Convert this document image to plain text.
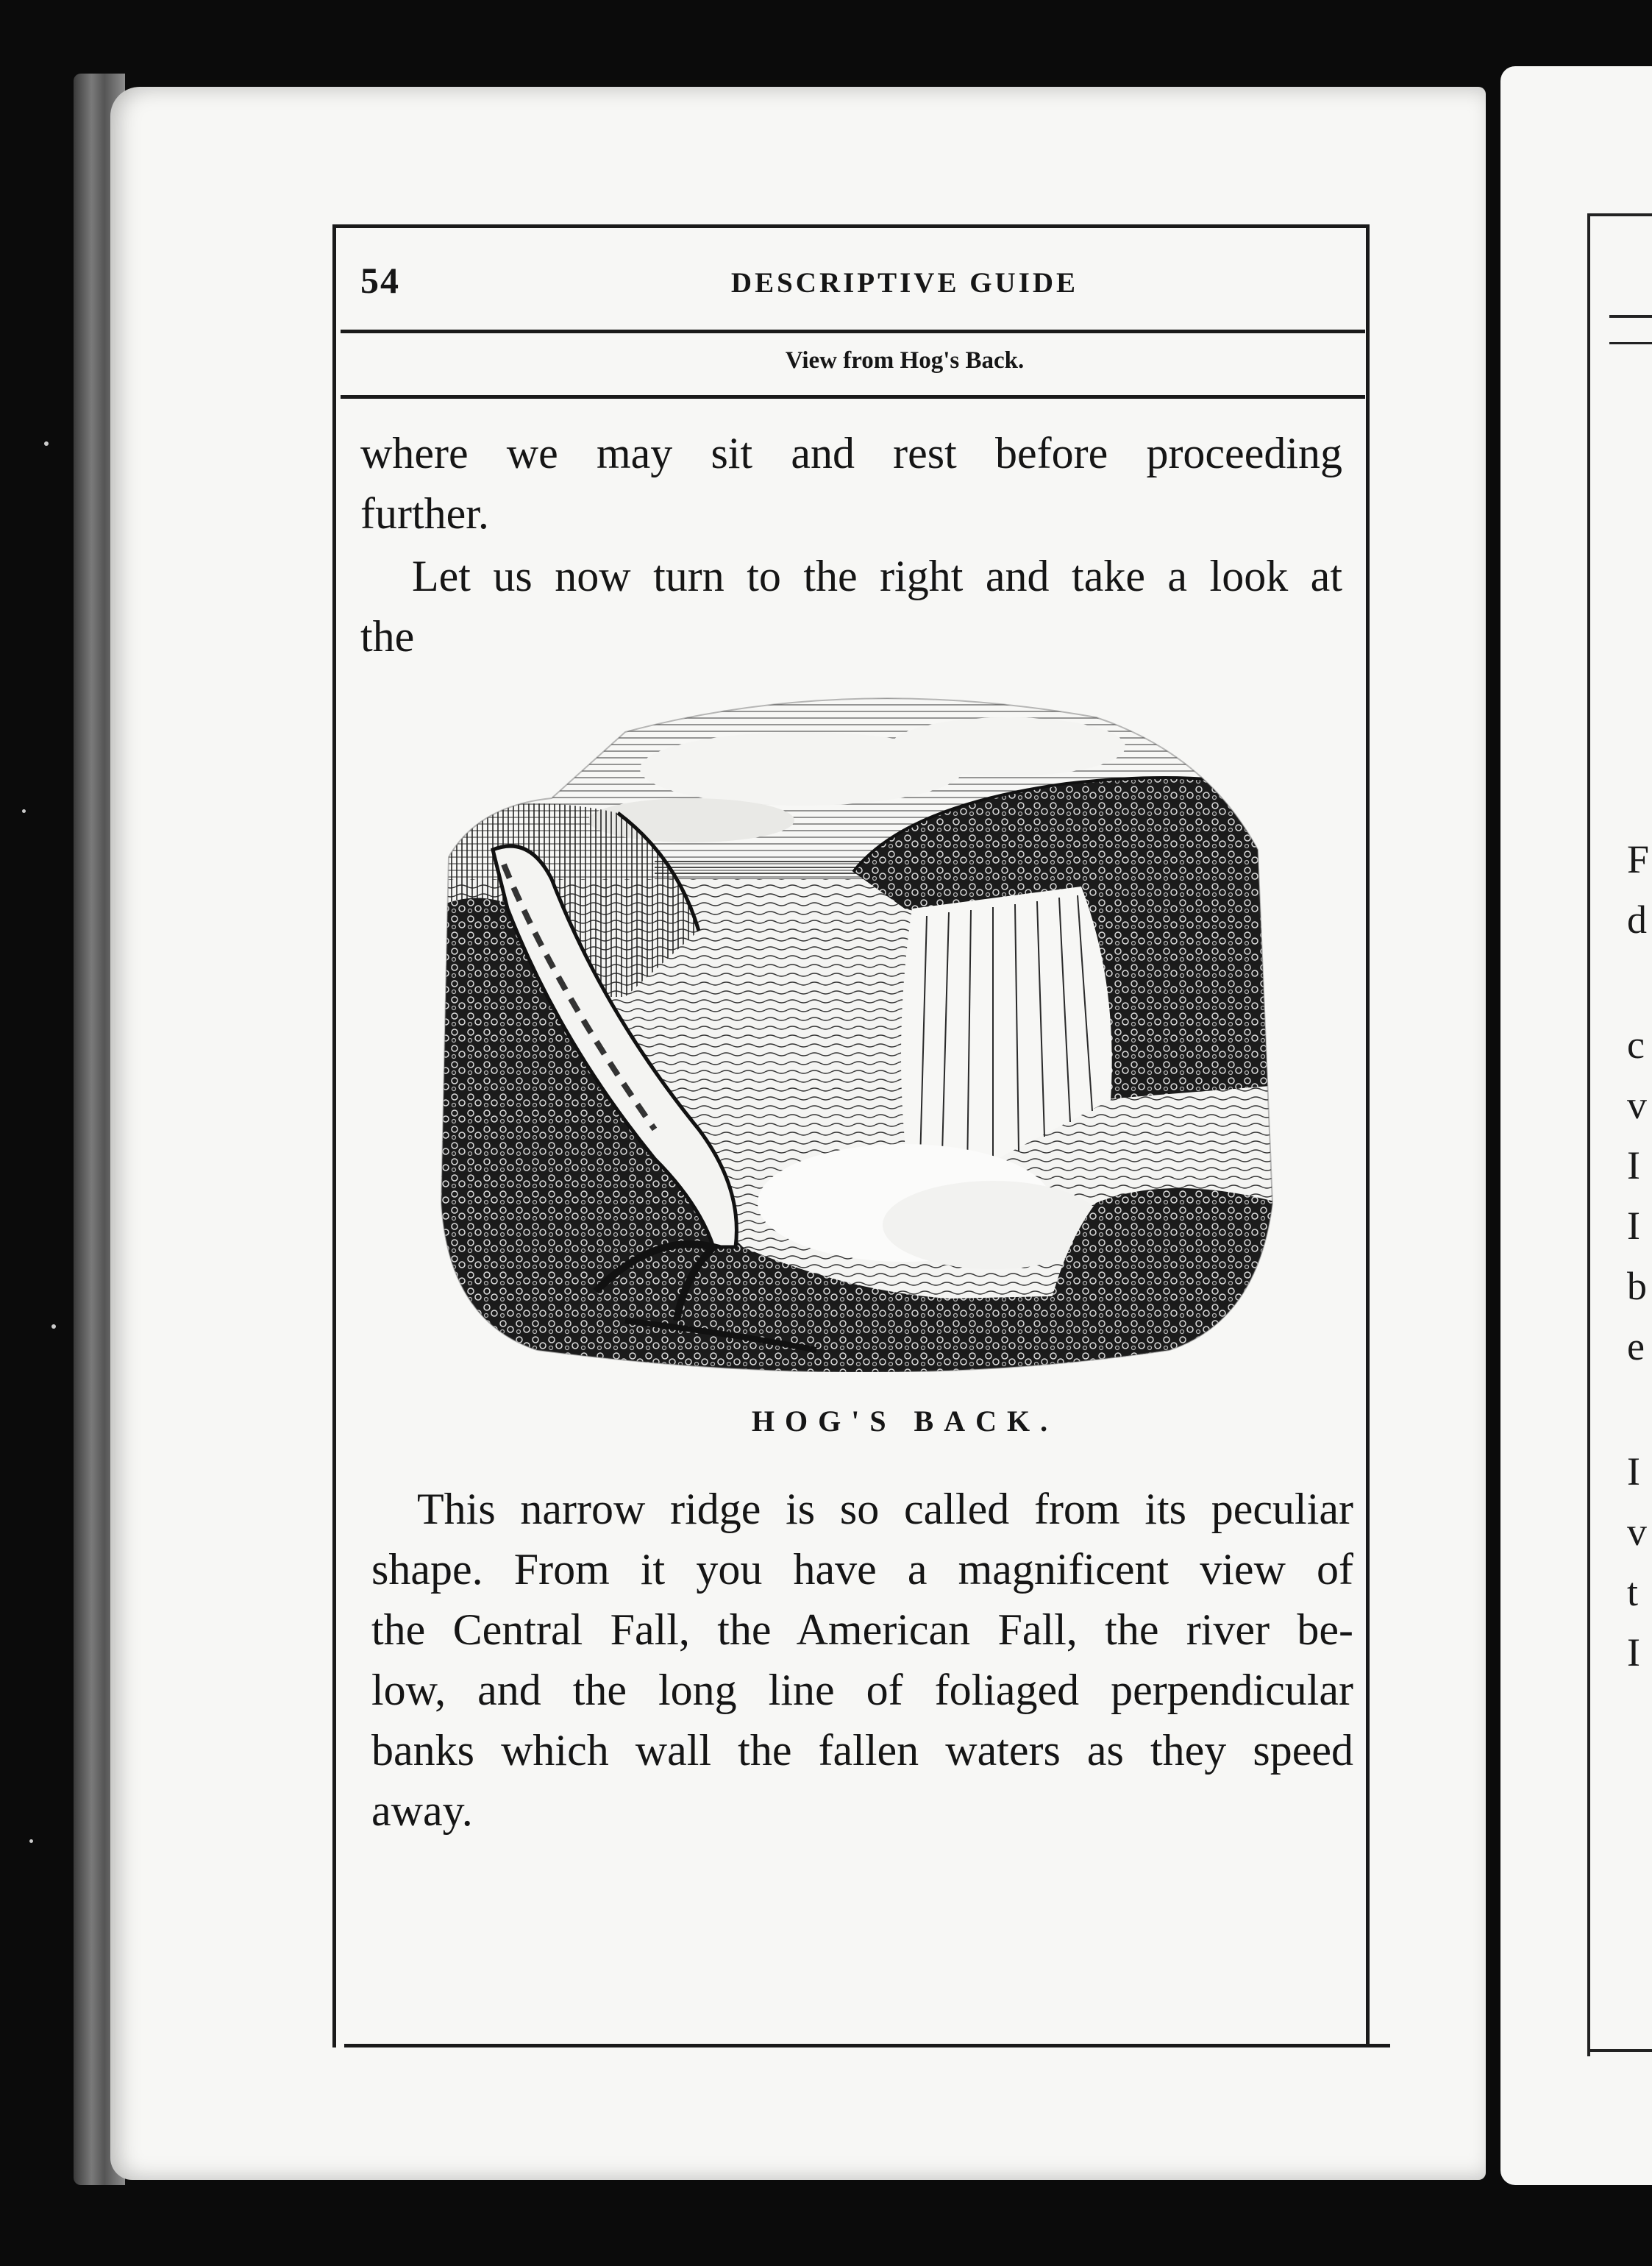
F
d
c
v
I
I
b
e
I
v
t
I
54	DESCRIPTIVE GUIDE
View from Hog's Back.
where we may sit and rest before proceeding
further.
Let us now turn to the right and take a look at
the
HOG'S BACK.
This narrow ridge is so called from its peculiar
shape. From it you have a magnificent view of
the Central Fall, the American Fall, the river be-
low, and the long line of foliaged perpendicular
banks which wall the fallen waters as they speed
away.
